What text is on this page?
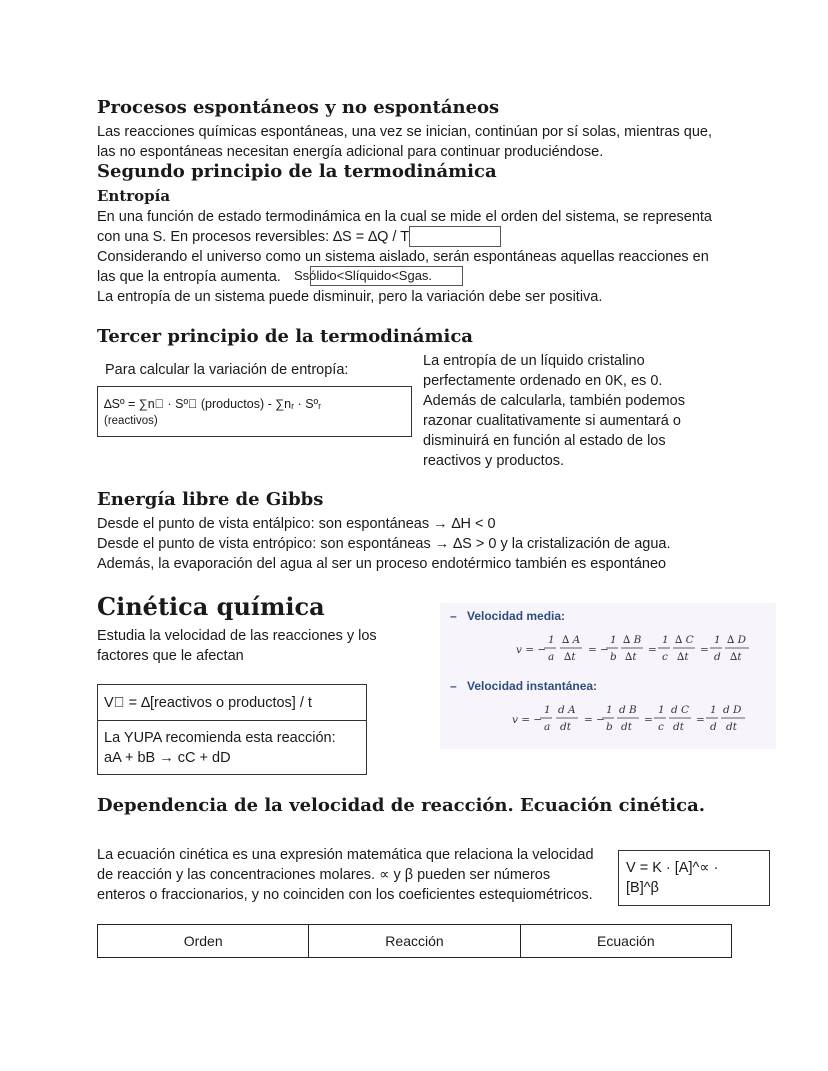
Procesos espontáneos y no espontáneos
Las reacciones químicas espontáneas, una vez se inician, continúan por sí solas, mientras que,
las no espontáneas necesitan energía adicional para continuar produciéndose.
Segundo principio de la termodinámica
Entropía
En una función de estado termodinámica en la cual se mide el orden del sistema, se representa
con una S. En procesos reversibles: ∆S = ∆Q / T
Considerando el universo como un sistema aislado, serán espontáneas aquellas reacciones en
las que la entropía aumenta. Ssólido<Slíquido<Sgas.
La entropía de un sistema puede disminuir, pero la variación debe ser positiva.
Tercer principio de la termodinámica
Para calcular la variación de entropía:
∆Sº = ∑n⃞ · Sº⃞ (productos) - ∑nᵣ · Sºᵣ
(reactivos)
La entropía de un líquido cristalino
perfectamente ordenado en 0K, es 0.
Además de calcularla, también podemos
razonar cualitativamente si aumentará o
disminuirá en función al estado de los
reactivos y productos.
Energía libre de Gibbs
Desde el punto de vista entálpico: son espontáneas → ∆H < 0
Desde el punto de vista entrópico: son espontáneas → ∆S > 0 y la cristalización de agua.
Además, la evaporación del agua al ser un proceso endotérmico también es espontáneo
Cinética química
Estudia la velocidad de las reacciones y los
factores que le afectan
V⃞ = ∆[reactivos o productos] / t
La YUPA recomienda esta reacción:
aA + bB → cC + dD
– Velocidad media:
v = −
1
a
∆ A
∆t
= −
1
b
∆ B
∆t
=
1
c
∆ C
∆t
=
1
d
∆ D
∆t
– Velocidad instantánea:
v = −
1
a
d A
dt
= −
1
b
d B
dt
=
1
c
d C
dt
=
1
d
d D
dt
Dependencia de la velocidad de reacción. Ecuación cinética.
La ecuación cinética es una expresión matemática que relaciona la velocidad
de reacción y las concentraciones molares. ∝ y β pueden ser números
enteros o fraccionarios, y no coinciden con los coeficientes estequiométricos.
V = K · [A]^∝ ·
[B]^β
Orden	Reacción	Ecuación
